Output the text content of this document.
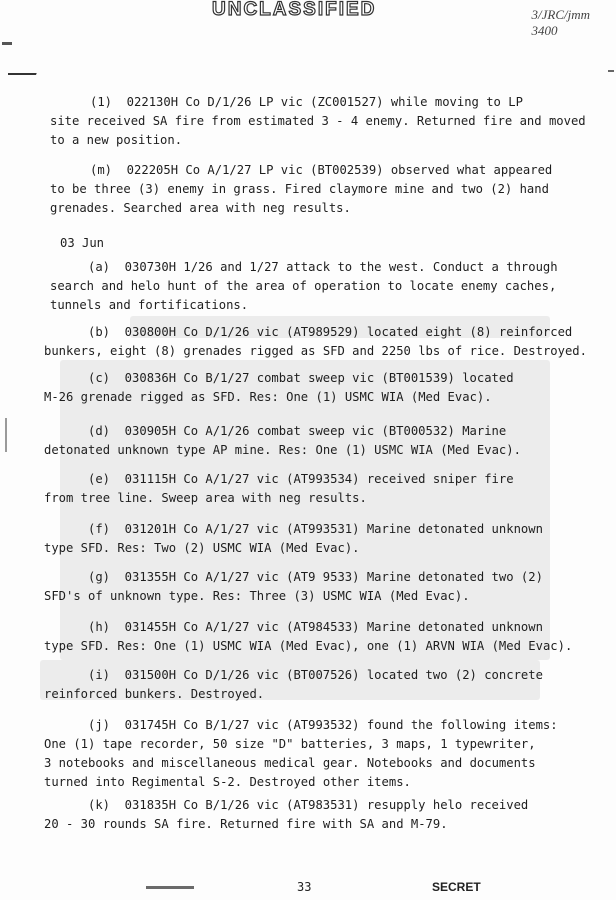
UNCLASSIFIED	3/JRC/jmm
3400
~~~~~
(1)  022130H Co D/1/26 LP vic (ZC001527) while moving to LP
site received SA fire from estimated 3 - 4 enemy. Returned fire and moved
to a new position.
(m)  022205H Co A/1/27 LP vic (BT002539) observed what appeared
to be three (3) enemy in grass. Fired claymore mine and two (2) hand
grenades. Searched area with neg results.
03 Jun
(a)  030730H 1/26 and 1/27 attack to the west. Conduct a through
search and helo hunt of the area of operation to locate enemy caches,
tunnels and fortifications.
(b)  030800H Co D/1/26 vic (AT989529) located eight (8) reinforced
bunkers, eight (8) grenades rigged as SFD and 2250 lbs of rice. Destroyed.
(c)  030836H Co B/1/27 combat sweep vic (BT001539) located
M-26 grenade rigged as SFD. Res: One (1) USMC WIA (Med Evac).
(d)  030905H Co A/1/26 combat sweep vic (BT000532) Marine
detonated unknown type AP mine. Res: One (1) USMC WIA (Med Evac).
(e)  031115H Co A/1/27 vic (AT993534) received sniper fire
from tree line. Sweep area with neg results.
(f)  031201H Co A/1/27 vic (AT993531) Marine detonated unknown
type SFD. Res: Two (2) USMC WIA (Med Evac).
(g)  031355H Co A/1/27 vic (AT9 9533) Marine detonated two (2)
SFD's of unknown type. Res: Three (3) USMC WIA (Med Evac).
(h)  031455H Co A/1/27 vic (AT984533) Marine detonated unknown
type SFD. Res: One (1) USMC WIA (Med Evac), one (1) ARVN WIA (Med Evac).
(i)  031500H Co D/1/26 vic (BT007526) located two (2) concrete
reinforced bunkers. Destroyed.
(j)  031745H Co B/1/27 vic (AT993532) found the following items:
One (1) tape recorder, 50 size "D" batteries, 3 maps, 1 typewriter,
3 notebooks and miscellaneous medical gear. Notebooks and documents
turned into Regimental S-2. Destroyed other items.
(k)  031835H Co B/1/26 vic (AT983531) resupply helo received
20 - 30 rounds SA fire. Returned fire with SA and M-79.
33	SECRET
